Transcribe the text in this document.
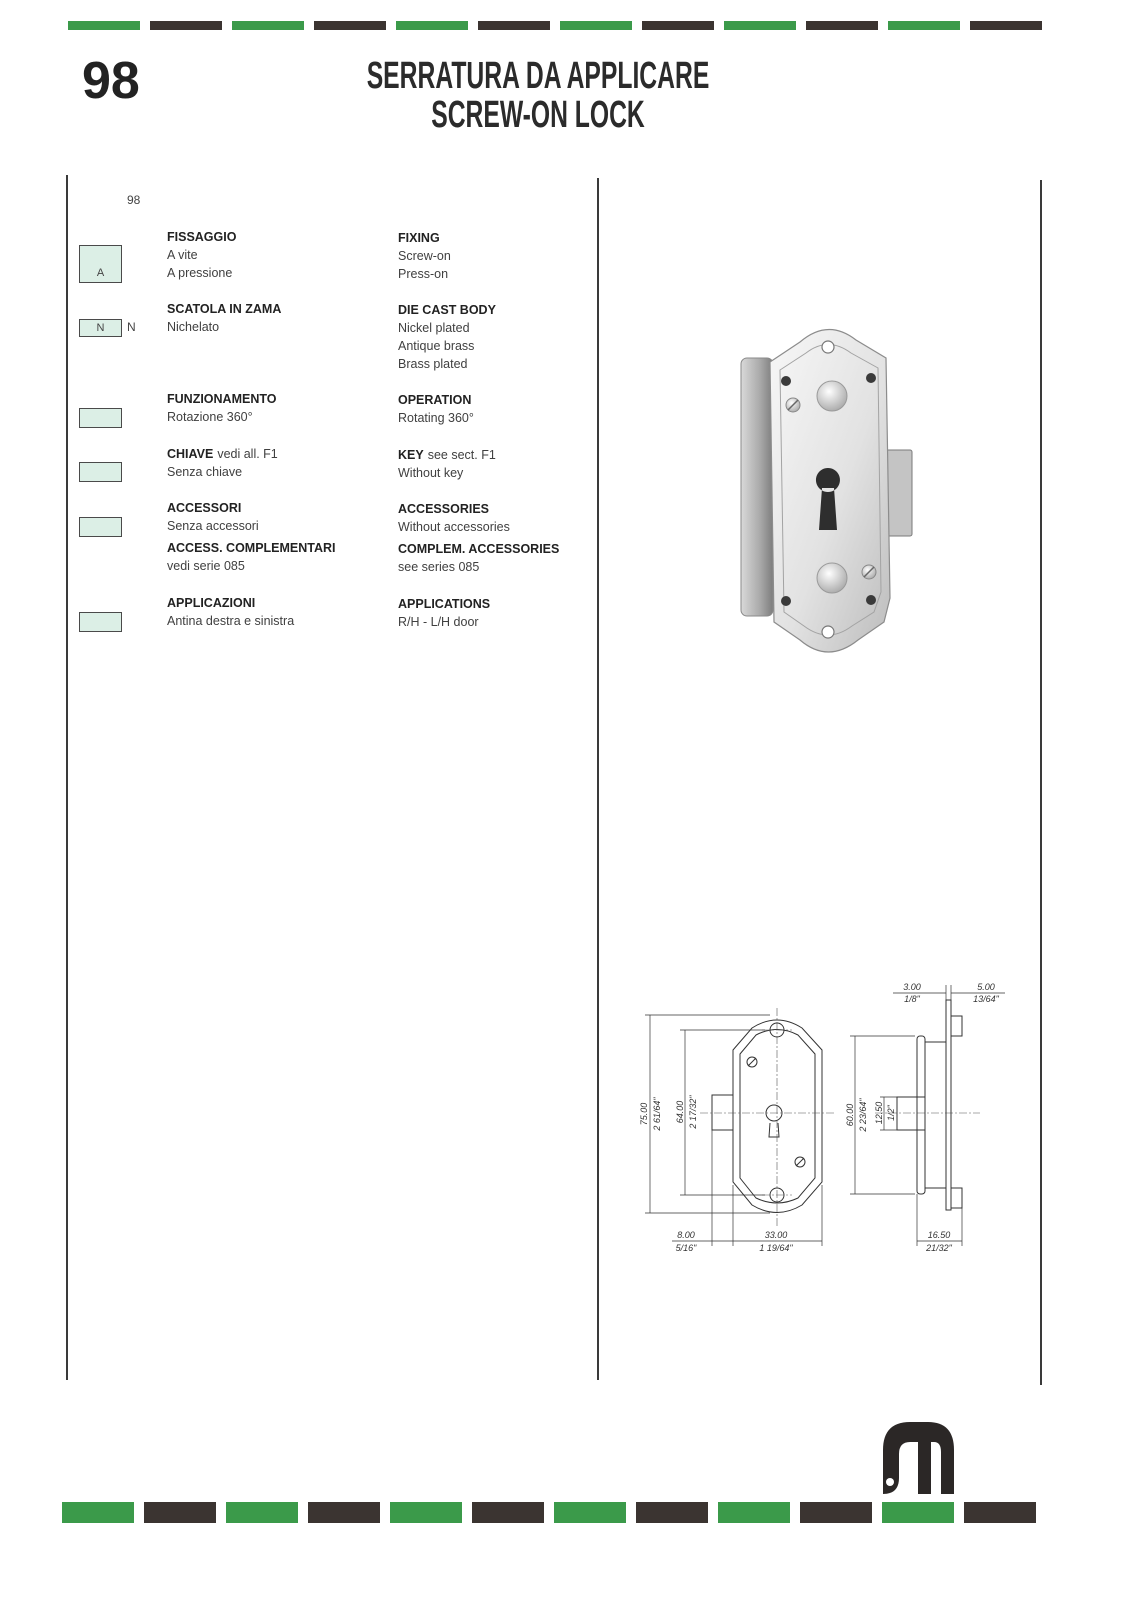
98	SERRATURA DA APPLICARE
SCREW-ON LOCK
98
A
N N
FISSAGGIO
A vite
A pressione
SCATOLA IN ZAMA
Nichelato
FUNZIONAMENTO
Rotazione 360°
CHIAVE vedi all. F1
Senza chiave
ACCESSORI
Senza accessori
ACCESS. COMPLEMENTARI
vedi serie 085
APPLICAZIONI
Antina destra e sinistra
FIXING
Screw-on
Press-on
DIE CAST BODY
Nickel plated
Antique brass
Brass plated
OPERATION
Rotating 360°
KEY see sect. F1
Without key
ACCESSORIES
Without accessories
COMPLEM. ACCESSORIES
see series 085
APPLICATIONS
R/H - L/H door
75.00 2 61/64" 64.00 2 17/32"	60.00 2 23/64" 12.50 1/2"
8.00
5/16"
33.00
1 19/64"
3.00
1/8"
5.00
13/64"
16.50
21/32"
